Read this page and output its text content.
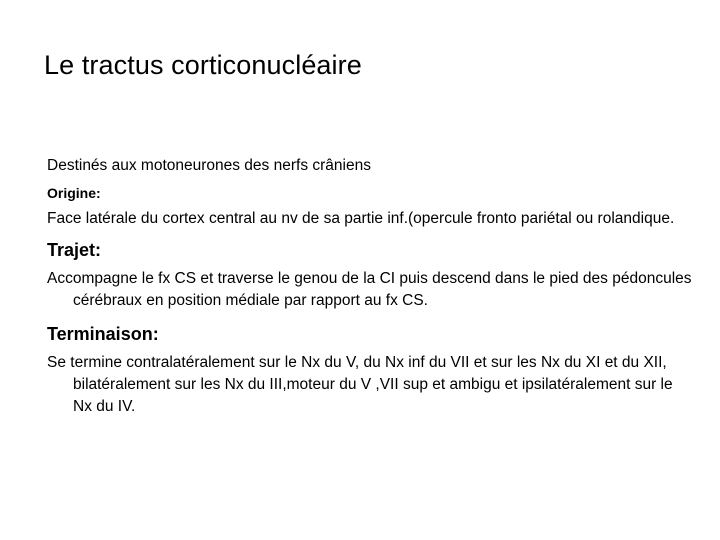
Le tractus corticonucléaire

Destinés aux motoneurones des nerfs crâniens

Origine:

Face latérale du cortex central au nv de sa partie inf.(opercule fronto pariétal ou rolandique.

Trajet:

Accompagne le fx CS et traverse le genou de la CI puis descend dans le pied des pédoncules cérébraux en position médiale par rapport au fx CS.

Terminaison:

Se termine contralatéralement sur le Nx du V, du Nx inf du VII et sur les Nx du XI et du XII, bilatéralement sur les Nx du III,moteur du V ,VII sup et ambigu et ipsilatéralement sur le Nx du IV.
